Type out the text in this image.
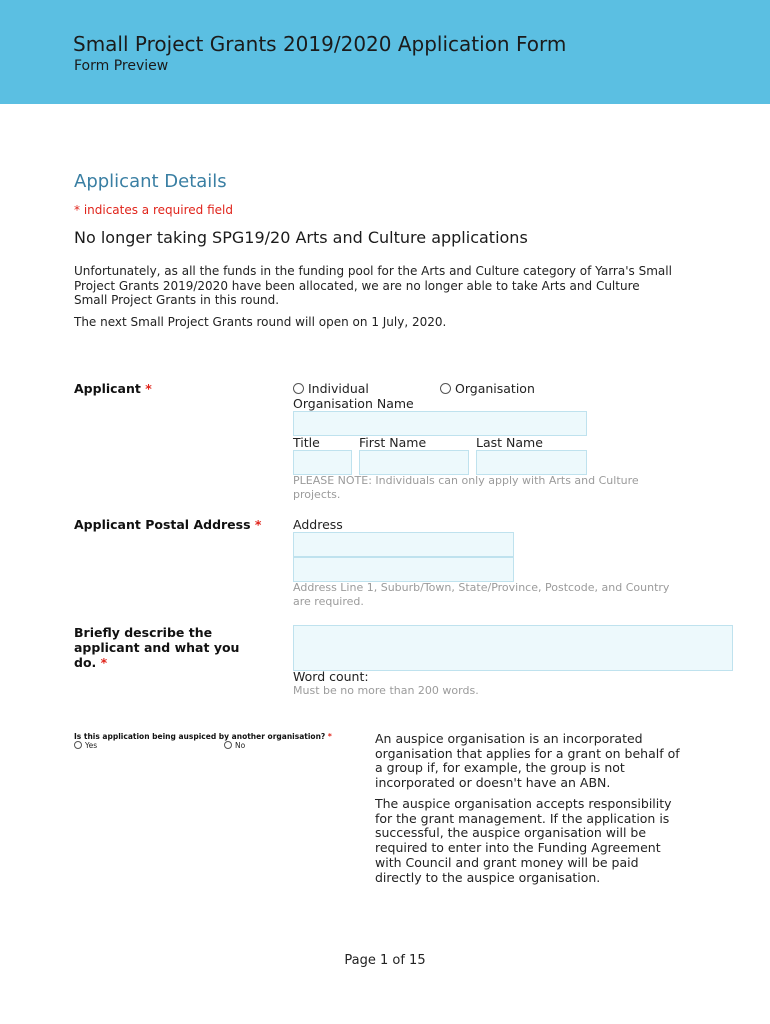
Small Project Grants 2019/2020 Application Form
Form Preview
Applicant Details
* indicates a required field
No longer taking SPG19/20 Arts and Culture applications
Unfortunately, as all the funds in the funding pool for the Arts and Culture category of Yarra's Small Project Grants 2019/2020 have been allocated, we are no longer able to take Arts and Culture Small Project Grants in this round.
The next Small Project Grants round will open on 1 July, 2020.
Applicant *	Individual	Organisation
Organisation Name
Title	First Name	Last Name
PLEASE NOTE: Individuals can only apply with Arts and Culture projects.
Applicant Postal Address *	Address
Address Line 1, Suburb/Town, State/Province, Postcode, and Country are required.
Briefly describe the applicant and what you do. *
Word count:
Must be no more than 200 words.
Is this application being auspiced by another organisation? *
Yes	No	An auspice organisation is an incorporated organisation that applies for a grant on behalf of a group if, for example, the group is not incorporated or doesn't have an ABN.
The auspice organisation accepts responsibility for the grant management. If the application is successful, the auspice organisation will be required to enter into the Funding Agreement with Council and grant money will be paid directly to the auspice organisation.
Page 1 of 15
